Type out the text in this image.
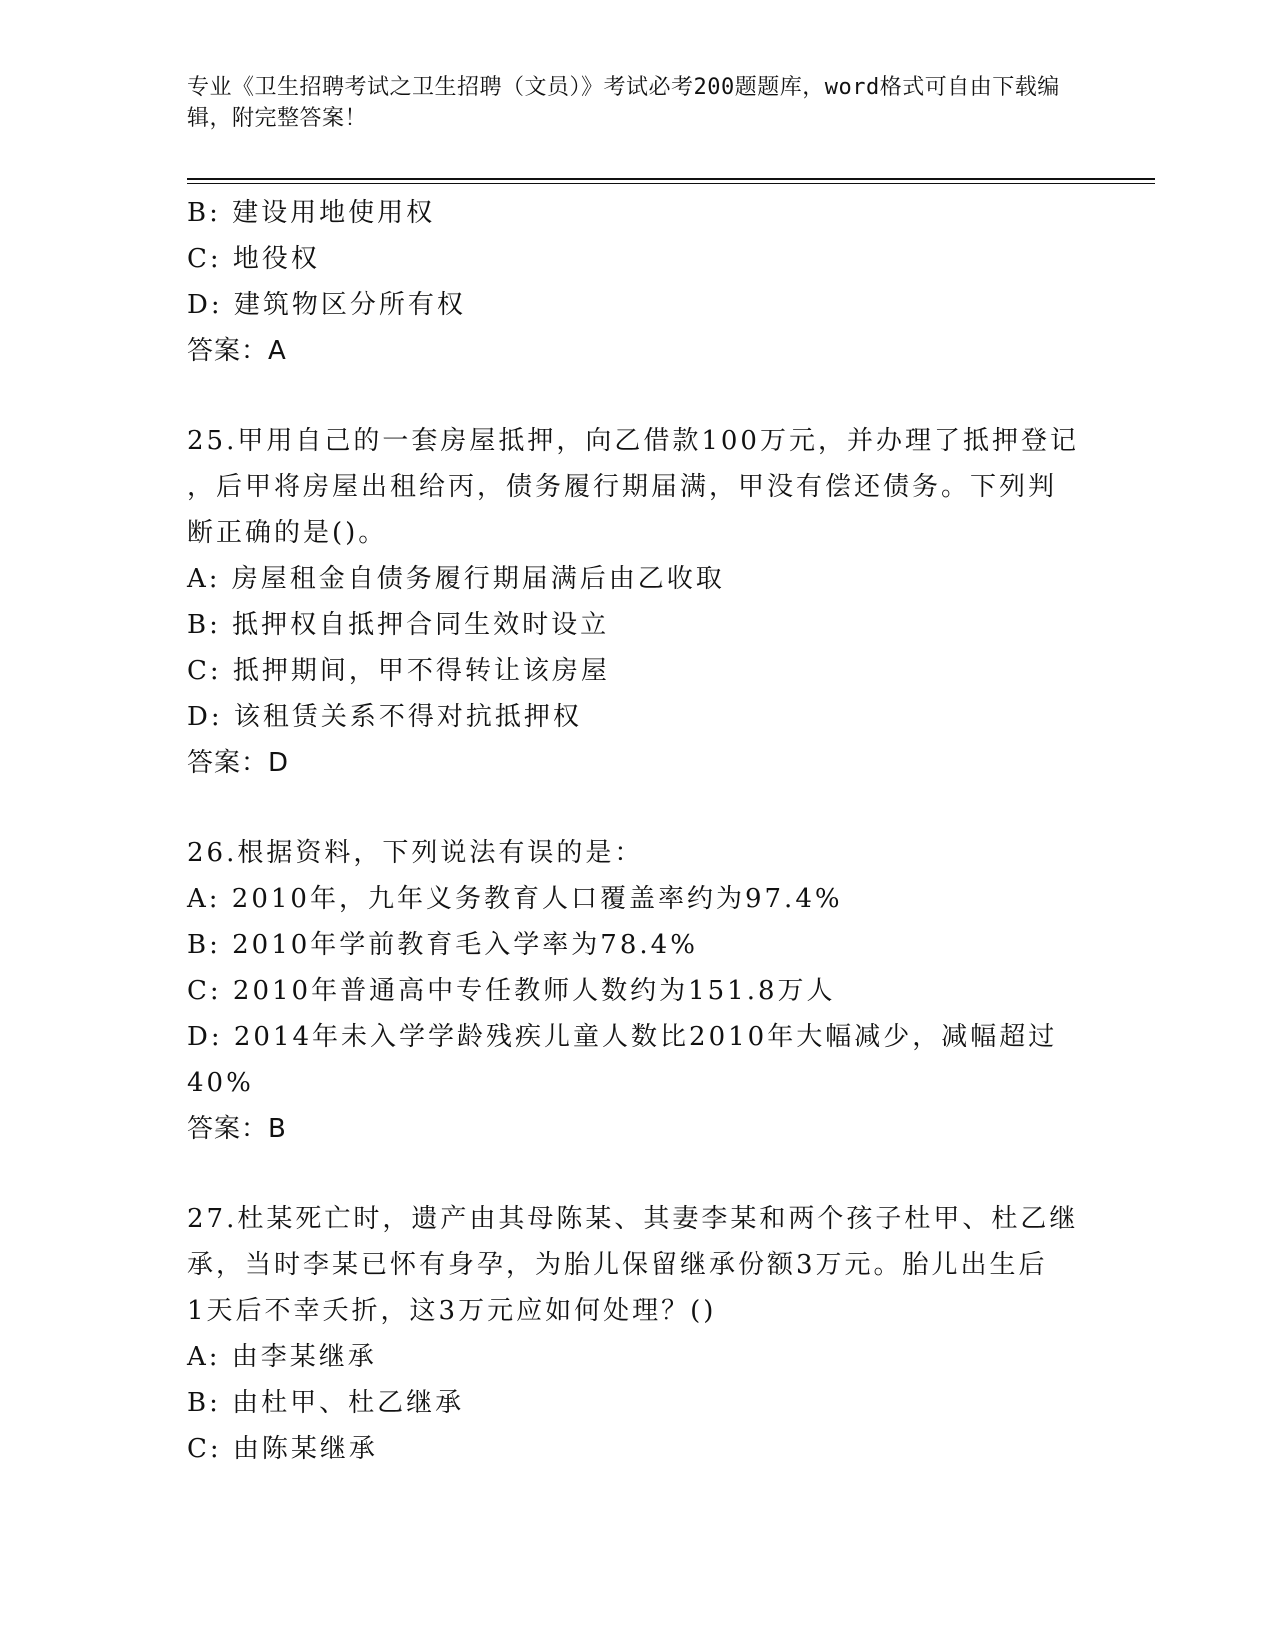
专业《卫生招聘考试之卫生招聘（文员）》考试必考200题题库，word格式可自由下载编辑，附完整答案！
B: 建设用地使用权
C: 地役权
D: 建筑物区分所有权
答案：A
25.甲用自己的一套房屋抵押，向乙借款100万元，并办理了抵押登记
，后甲将房屋出租给丙，债务履行期届满，甲没有偿还债务。下列判
断正确的是()。
A: 房屋租金自债务履行期届满后由乙收取
B: 抵押权自抵押合同生效时设立
C: 抵押期间，甲不得转让该房屋
D: 该租赁关系不得对抗抵押权
答案：D
26.根据资料，下列说法有误的是：
A: 2010年，九年义务教育人口覆盖率约为97.4%
B: 2010年学前教育毛入学率为78.4%
C: 2010年普通高中专任教师人数约为151.8万人
D: 2014年未入学学龄残疾儿童人数比2010年大幅减少，减幅超过
40%
答案：B
27.杜某死亡时，遗产由其母陈某、其妻李某和两个孩子杜甲、杜乙继
承，当时李某已怀有身孕，为胎儿保留继承份额3万元。胎儿出生后
1天后不幸夭折，这3万元应如何处理？()
A: 由李某继承
B: 由杜甲、杜乙继承
C: 由陈某继承
